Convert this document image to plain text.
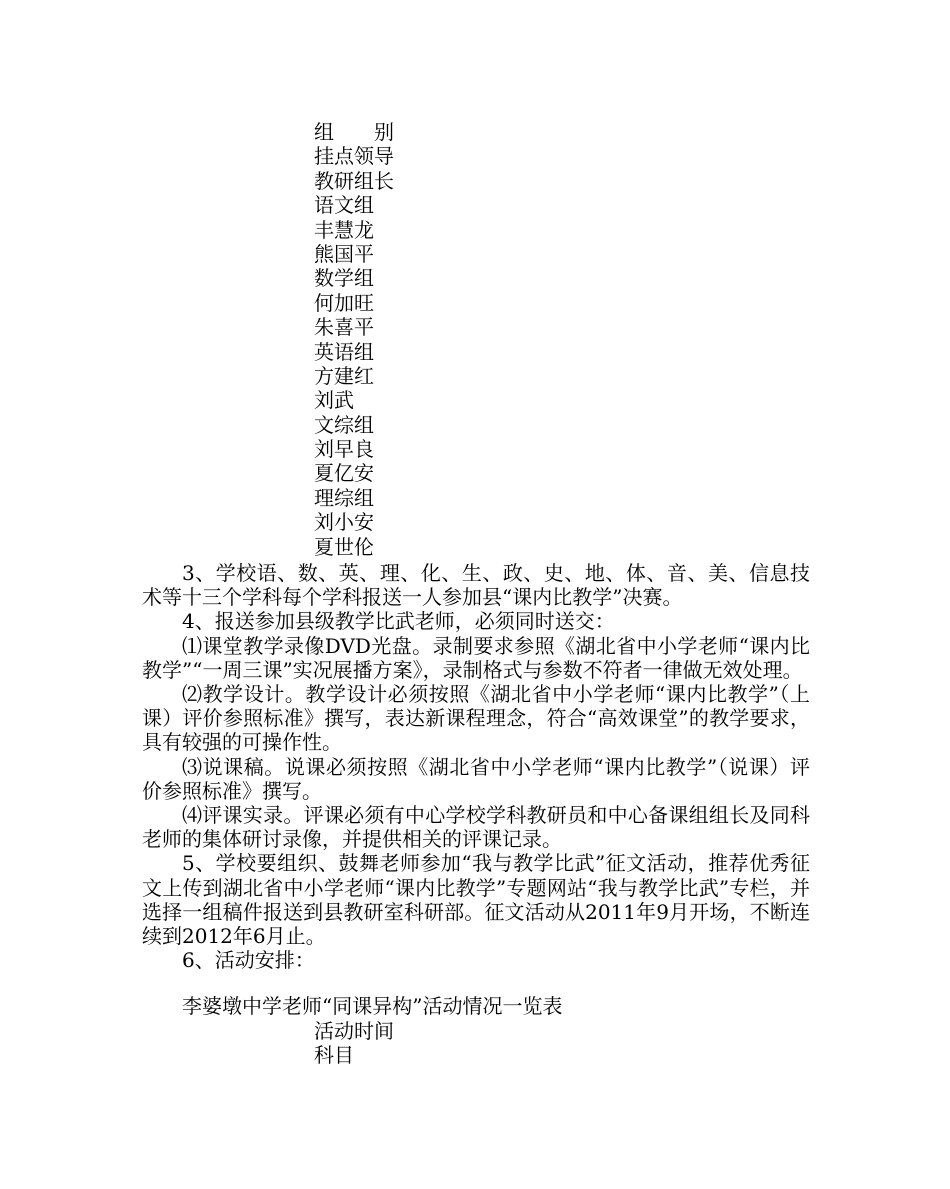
组　　别
挂点领导
教研组长
语文组
丰慧龙
熊国平
数学组
何加旺
朱喜平
英语组
方建红
刘武
文综组
刘早良
夏亿安
理综组
刘小安
夏世伦

3、学校语、数、英、理、化、生、政、史、地、体、音、美、信息技术等十三个学科每个学科报送一人参加县“课内比教学”决赛。

4、报送参加县级教学比武老师，必须同时送交：

⑴课堂教学录像DVD光盘。录制要求参照《湖北省中小学老师“课内比教学”“一周三课”实况展播方案》，录制格式与参数不符者一律做无效处理。

⑵教学设计。教学设计必须按照《湖北省中小学老师“课内比教学”（上课）评价参照标准》撰写，表达新课程理念，符合“高效课堂”的教学要求，具有较强的可操作性。

⑶说课稿。说课必须按照《湖北省中小学老师“课内比教学”（说课）评价参照标准》撰写。

⑷评课实录。评课必须有中心学校学科教研员和中心备课组组长及同科老师的集体研讨录像，并提供相关的评课记录。

5、学校要组织、鼓舞老师参加“我与教学比武”征文活动，推荐优秀征文上传到湖北省中小学老师“课内比教学”专题网站“我与教学比武”专栏，并选择一组稿件报送到县教研室科研部。征文活动从2011年9月开场，不断连续到2012年6月止。

6、活动安排：

李婆墩中学老师“同课异构”活动情况一览表
活动时间
科目
